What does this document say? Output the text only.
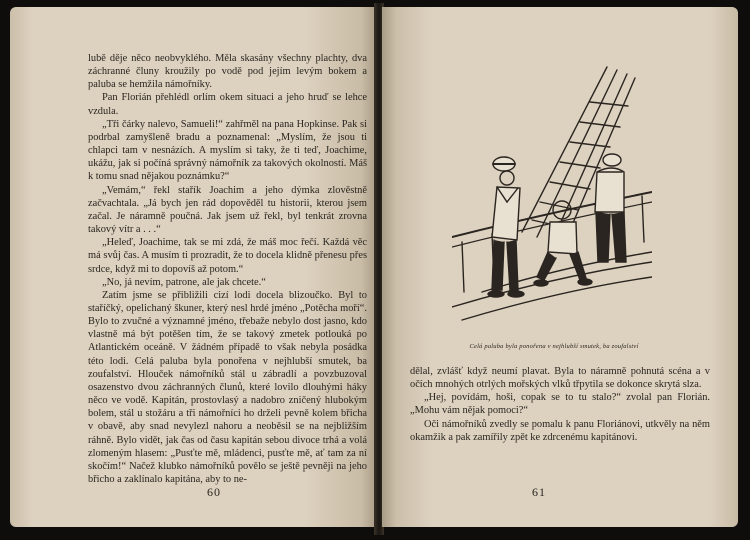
lubě děje něco neobvyklého. Měla skasány všechny plachty, dva záchranné čluny kroužily po vodě pod jejím levým bokem a paluba se hemžila námořníky.

Pan Florián přehlédl orlím okem situaci a jeho hruď se lehce vzdula.

„Tři čárky nalevo, Samueli!“ zahřměl na pana Hopkinse. Pak si podrbal zamyšleně bradu a poznamenal: „Myslím, že jsou ti chlapci tam v nesnázích. A myslím si taky, že ti teď, Joachime, ukážu, jak si počíná správný námořník za takových okolností. Máš k tomu snad nějakou poznámku?“

„Vemám,“ řekl stařík Joachim a jeho dýmka zlověstně začvachtala. „Já bych jen rád dopověděl tu historii, kterou jsem začal. Je náramně poučná. Jak jsem už řekl, byl tenkrát zrovna takový vítr a . . .“

„Heleď, Joachime, tak se mi zdá, že máš moc řečí. Každá věc má svůj čas. A musím ti prozradit, že to docela klidně přenesu přes srdce, když mi to dopovíš až potom.“

„No, já nevím, patrone, ale jak chcete.“

Zatím jsme se přibližili cizí lodi docela blizoučko. Byl to staříčký, opelichaný škuner, který nesl hrdé jméno „Potěcha moří“. Bylo to zvučné a významné jméno, třebaže nebylo dost jasno, kdo vlastně má být potěšen tím, že se takový zmetek potlouká po Atlantickém oceáně. V žádném případě to však nebyla posádka této lodi. Celá paluba byla ponořena v nejhlubší smutek, ba zoufalství. Hlouček námořníků stál u zábradlí a povzbuzoval osazenstvo dvou záchranných člunů, které lovilo dlouhými háky něco ve vodě. Kapitán, prostovlasý a nadobro zničený hlubokým bolem, stál u stožáru a tři námořníci ho drželi pevně kolem břicha v obavě, aby snad nevylezl nahoru a neoběsil se na nejbližším ráhně. Bylo vidět, jak čas od času kapitán sebou divoce trhá a volá zlomeným hlasem: „Pusťte mě, mládenci, pusťte mě, ať tam za ní skočím!“ Načež klubko námořníků povělo se ještě pevněji na jeho břicho a zaklínalo kapitána, aby to ne-

60
Celá paluba byla ponořena v nejhlubší smutek, ba zoufalství

dělal, zvlášť když neumí plavat. Byla to náramně pohnutá scéna a v očích mnohých otrlých mořských vlků třpytila se dokonce skrytá slza.

„Hej, povídám, hoši, copak se to tu stalo?“ zvolal pan Florián. „Mohu vám nějak pomoci?“

Oči námořníků zvedly se pomalu k panu Floriánovi, utkvěly na něm okamžik a pak zamířily zpět ke zdrcenému kapitánovi.

61
